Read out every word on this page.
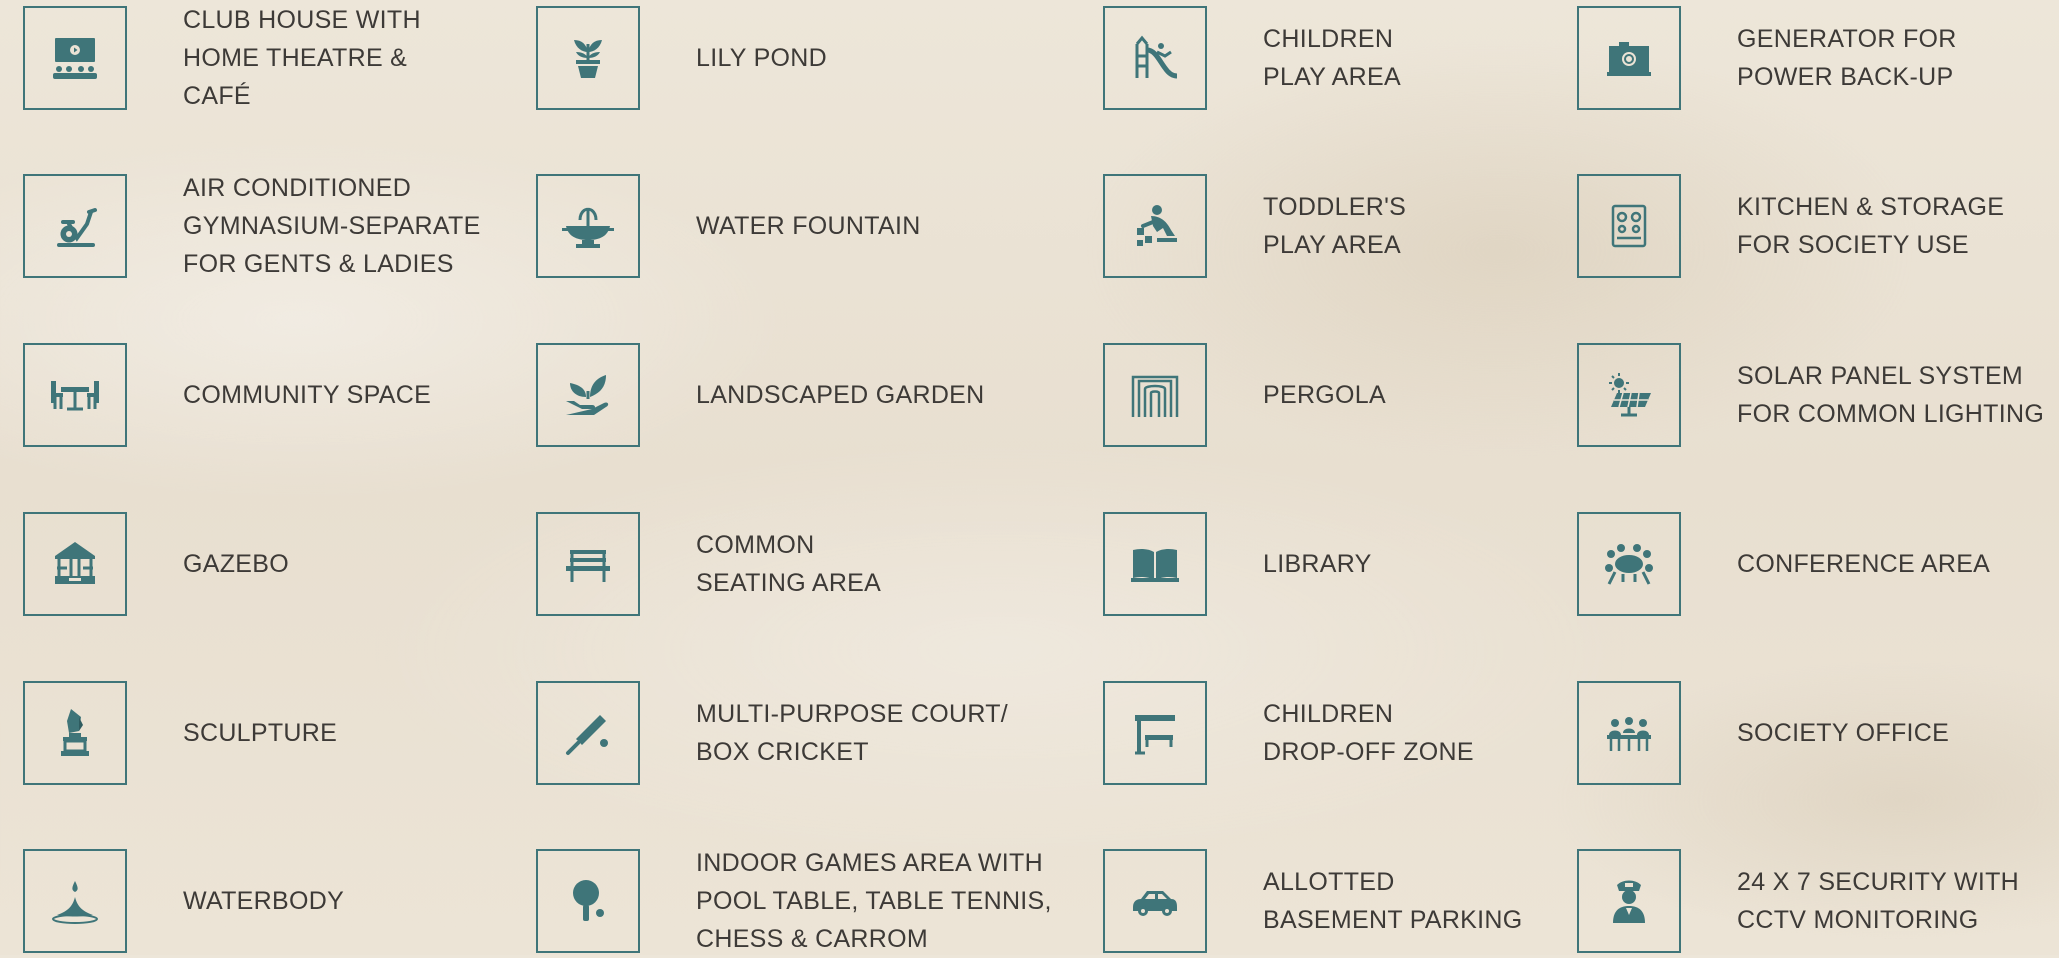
CLUB HOUSE WITH
HOME THEATRE &
CAFÉ
AIR CONDITIONED
GYMNASIUM-SEPARATE
FOR GENTS & LADIES
COMMUNITY SPACE
GAZEBO
SCULPTURE
WATERBODY
LILY POND
WATER FOUNTAIN
LANDSCAPED GARDEN
COMMON
SEATING AREA
MULTI-PURPOSE COURT/
BOX CRICKET
INDOOR GAMES AREA WITH
POOL TABLE, TABLE TENNIS,
CHESS & CARROM
CHILDREN
PLAY AREA
TODDLER'S
PLAY AREA
PERGOLA
LIBRARY
CHILDREN
DROP-OFF ZONE
ALLOTTED
BASEMENT PARKING
GENERATOR FOR
POWER BACK-UP
KITCHEN & STORAGE
FOR SOCIETY USE
SOLAR PANEL SYSTEM
FOR COMMON LIGHTING
CONFERENCE AREA
SOCIETY OFFICE
24 X 7 SECURITY WITH
CCTV MONITORING
